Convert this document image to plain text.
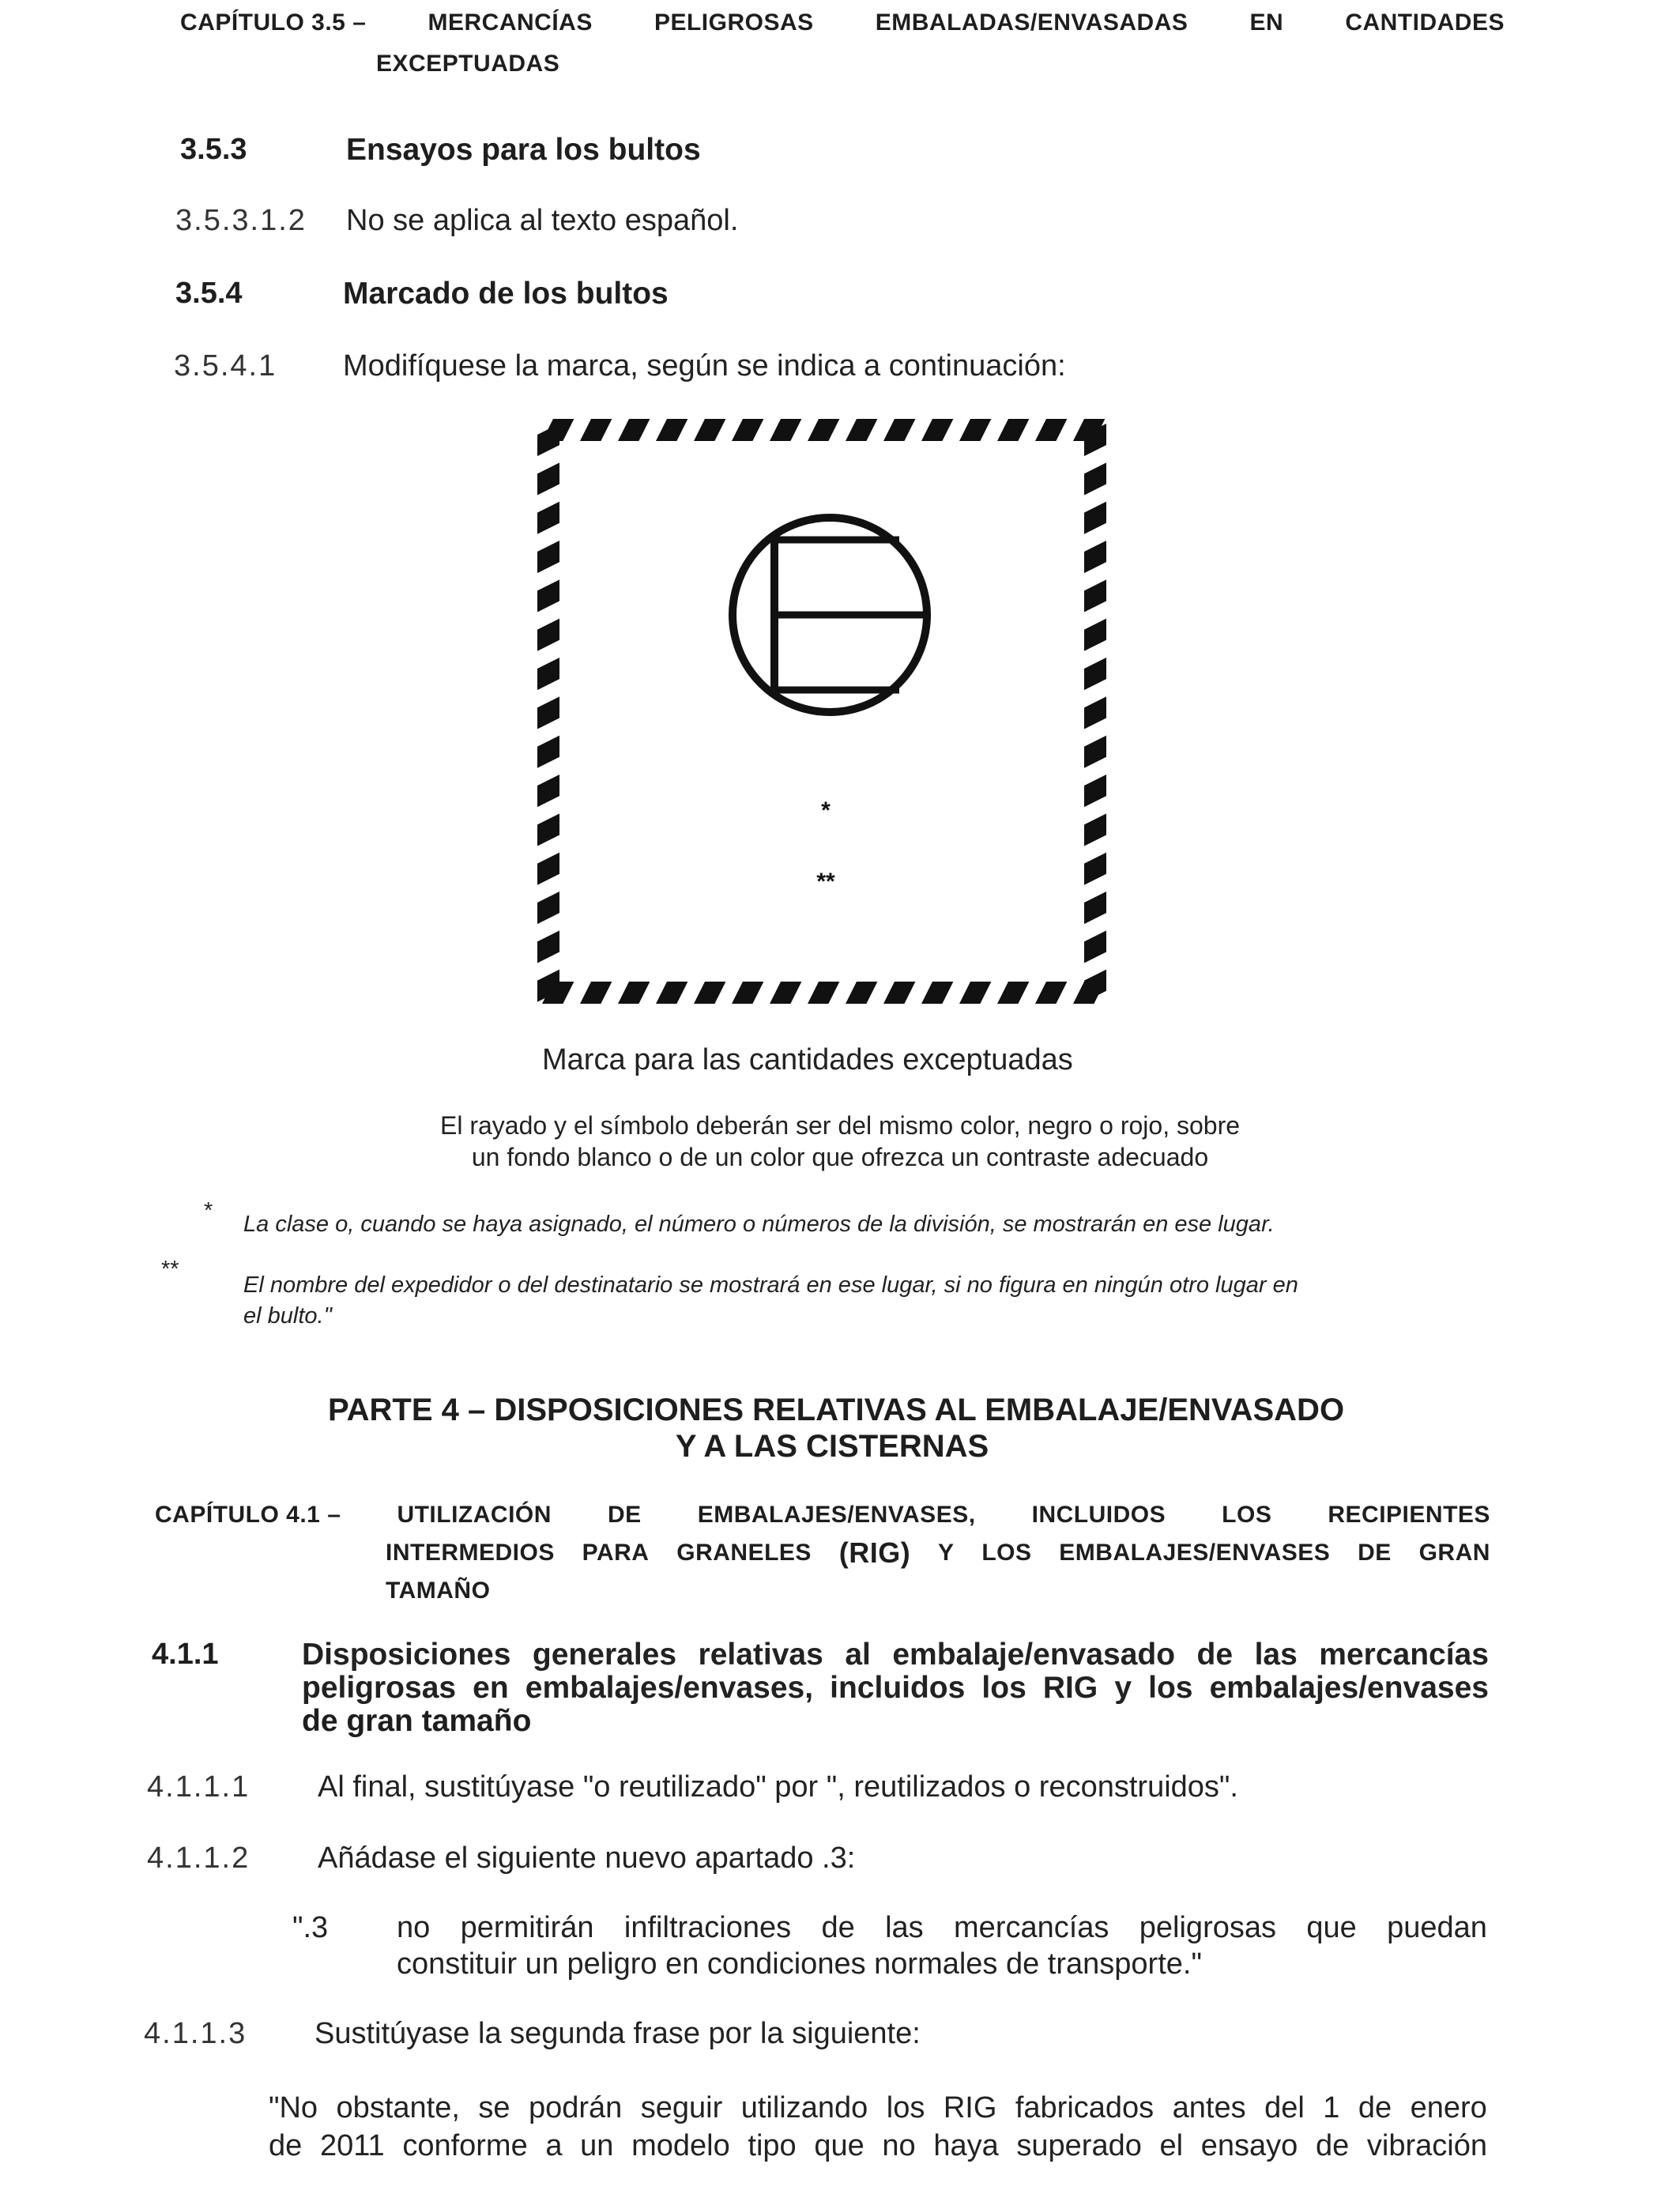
CAPÍTULO 3.5 –	MERCANCÍAS	PELIGROSAS	EMBALADAS/ENVASADAS	EN	CANTIDADES
EXCEPTUADAS
3.5.3	Ensayos para los bultos
3.5.3.1.2 No se aplica al texto español.
3.5.4	Marcado de los bultos
3.5.4.1 Modifíquese la marca, según se indica a continuación:
*
**
Marca para las cantidades exceptuadas
El rayado y el símbolo deberán ser del mismo color, negro o rojo, sobre
un fondo blanco o de un color que ofrezca un contraste adecuado
*
La clase o, cuando se haya asignado, el número o números de la división, se mostrarán en ese lugar.
**
El nombre del expedidor o del destinatario se mostrará en ese lugar, si no figura en ningún otro lugar en
el bulto."
PARTE 4 – DISPOSICIONES RELATIVAS AL EMBALAJE/ENVASADO
Y A LAS CISTERNAS
CAPÍTULO 4.1 – UTILIZACIÓN DE EMBALAJES/ENVASES, INCLUIDOS LOS RECIPIENTES
INTERMEDIOS PARA GRANELES (RIG) Y LOS EMBALAJES/ENVASES DE GRAN
TAMAÑO
4.1.1	Disposiciones generales relativas al embalaje/envasado de las mercancías
peligrosas en embalajes/envases, incluidos los RIG y los embalajes/envases
de gran tamaño
4.1.1.1 Al final, sustitúyase "o reutilizado" por ", reutilizados o reconstruidos".
4.1.1.2 Añádase el siguiente nuevo apartado .3:
".3 no permitirán infiltraciones de las mercancías peligrosas que puedan
constituir un peligro en condiciones normales de transporte."
4.1.1.3 Sustitúyase la segunda frase por la siguiente:
"No obstante, se podrán seguir utilizando los RIG fabricados antes del 1 de enero
de 2011 conforme a un modelo tipo que no haya superado el ensayo de vibración
